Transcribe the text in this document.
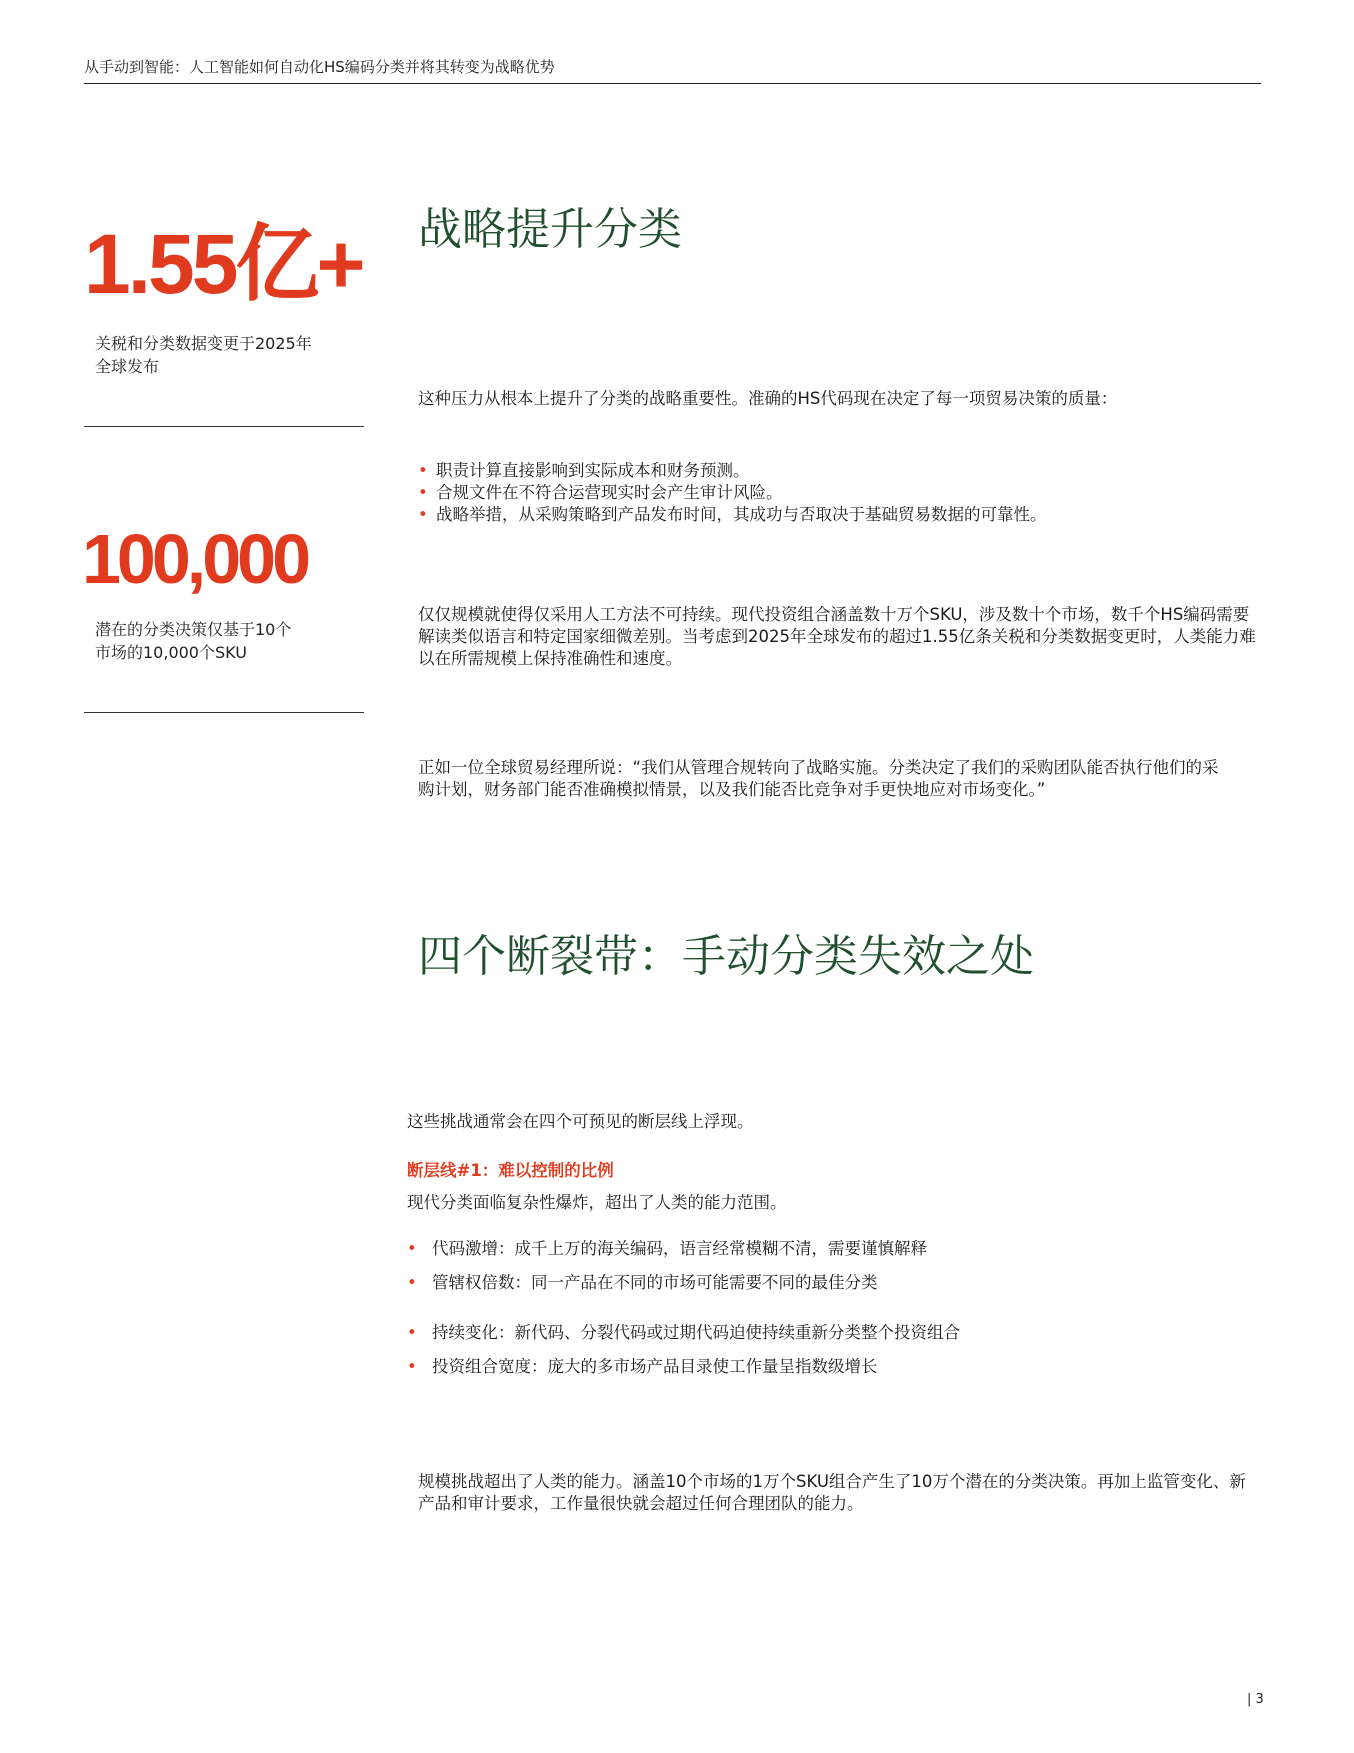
从手动到智能：人工智能如何自动化HS编码分类并将其转变为战略优势
1.55亿+
关税和分类数据变更于2025年
全球发布
100,000
潜在的分类决策仅基于10个
市场的10,000个SKU
战略提升分类
这种压力从根本上提升了分类的战略重要性。准确的HS代码现在决定了每一项贸易决策的质量：
• 职责计算直接影响到实际成本和财务预测。
• 合规文件在不符合运营现实时会产生审计风险。
• 战略举措，从采购策略到产品发布时间，其成功与否取决于基础贸易数据的可靠性。
仅仅规模就使得仅采用人工方法不可持续。现代投资组合涵盖数十万个SKU，涉及数十个市场，数千个HS编码需要解读类似语言和特定国家细微差别。当考虑到2025年全球发布的超过1.55亿条关税和分类数据变更时，人类能力难以在所需规模上保持准确性和速度。
正如一位全球贸易经理所说：“我们从管理合规转向了战略实施。分类决定了我们的采购团队能否执行他们的采购计划，财务部门能否准确模拟情景，以及我们能否比竞争对手更快地应对市场变化。”
四个断裂带：手动分类失效之处
这些挑战通常会在四个可预见的断层线上浮现。
断层线#1：难以控制的比例
现代分类面临复杂性爆炸，超出了人类的能力范围。
• 代码激增：成千上万的海关编码，语言经常模糊不清，需要谨慎解释
• 管辖权倍数：同一产品在不同的市场可能需要不同的最佳分类
• 持续变化：新代码、分裂代码或过期代码迫使持续重新分类整个投资组合
• 投资组合宽度：庞大的多市场产品目录使工作量呈指数级增长
规模挑战超出了人类的能力。涵盖10个市场的1万个SKU组合产生了10万个潜在的分类决策。再加上监管变化、新产品和审计要求，工作量很快就会超过任何合理团队的能力。
| 3
